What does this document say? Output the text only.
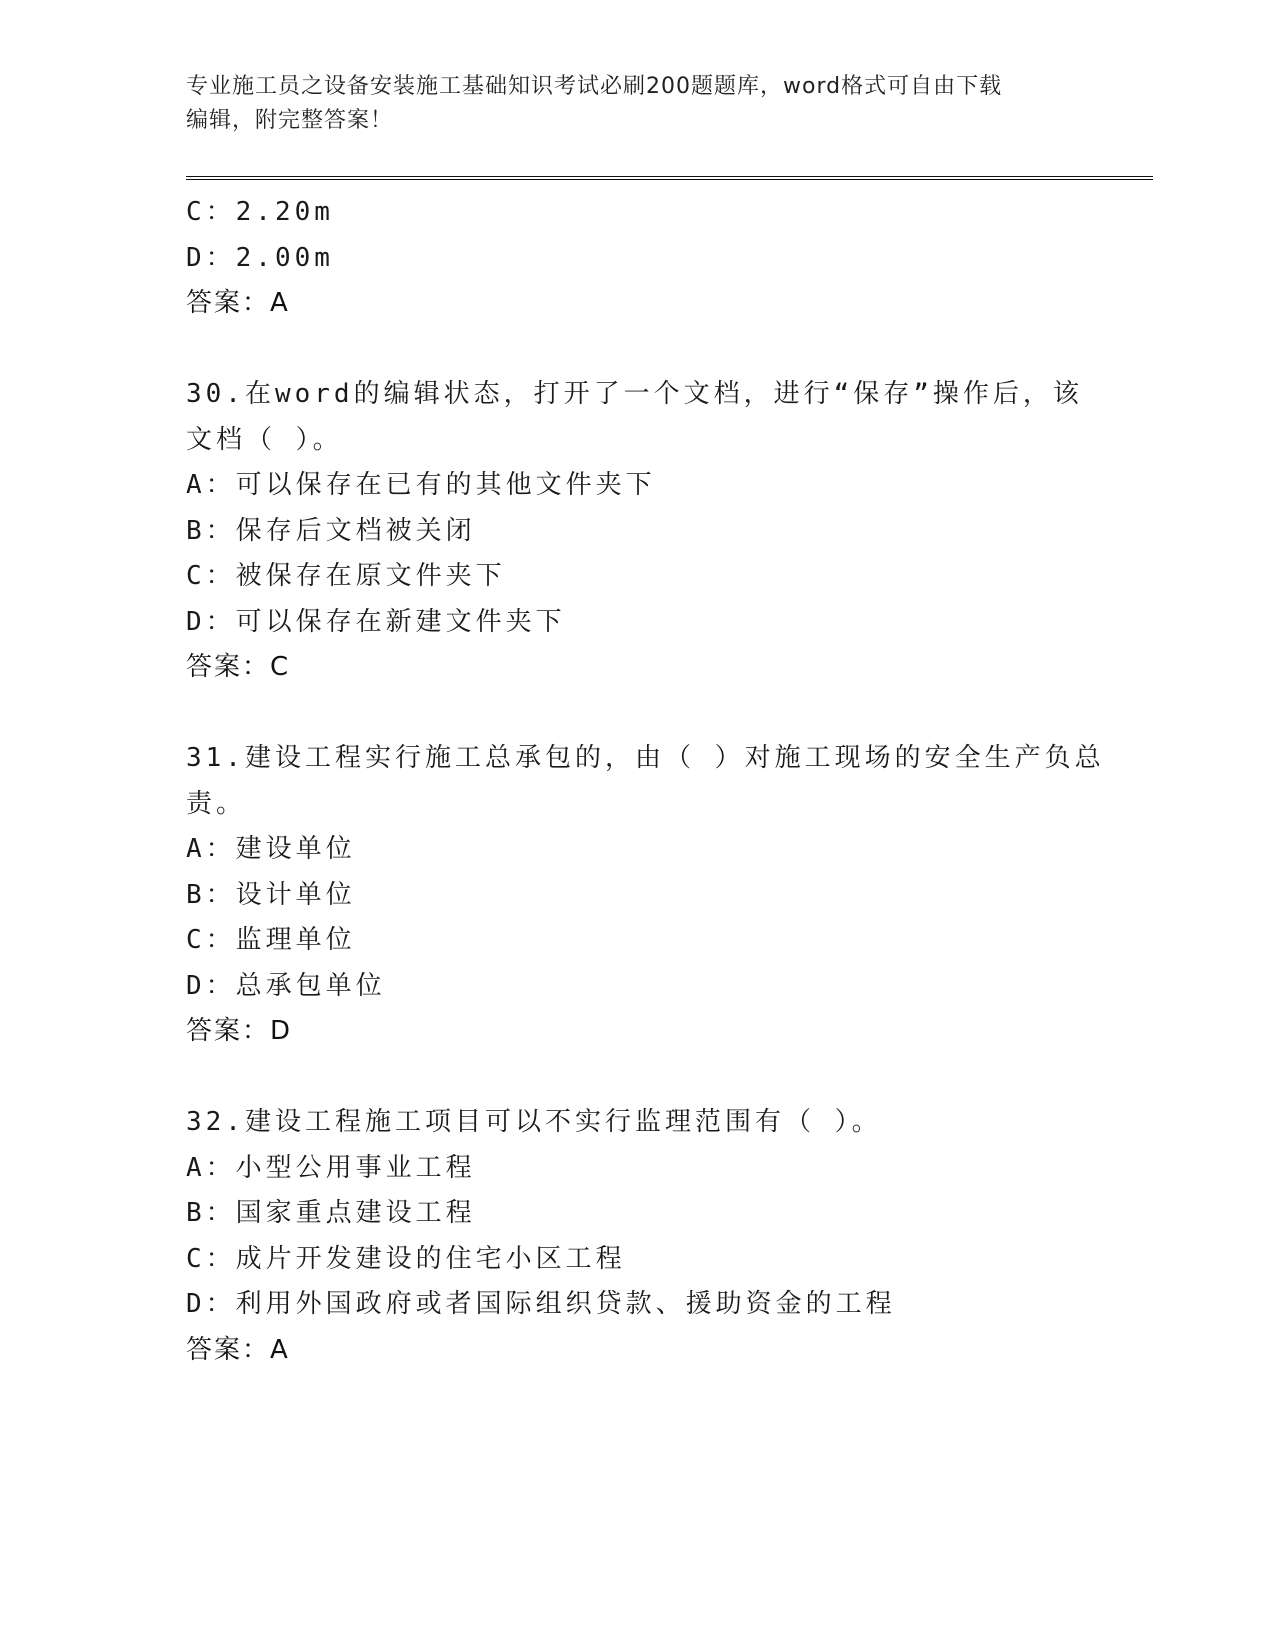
专业施工员之设备安装施工基础知识考试必刷200题题库，word格式可自由下载
编辑，附完整答案！
C：2.20m
D：2.00m
答案：A
30.在word的编辑状态，打开了一个文档，进行“保存”操作后，该
文档（ ）。
A：可以保存在已有的其他文件夹下
B：保存后文档被关闭
C：被保存在原文件夹下
D：可以保存在新建文件夹下
答案：C
31.建设工程实行施工总承包的，由（ ）对施工现场的安全生产负总
责。
A：建设单位
B：设计单位
C：监理单位
D：总承包单位
答案：D
32.建设工程施工项目可以不实行监理范围有（ ）。
A：小型公用事业工程
B：国家重点建设工程
C：成片开发建设的住宅小区工程
D：利用外国政府或者国际组织贷款、援助资金的工程
答案：A
